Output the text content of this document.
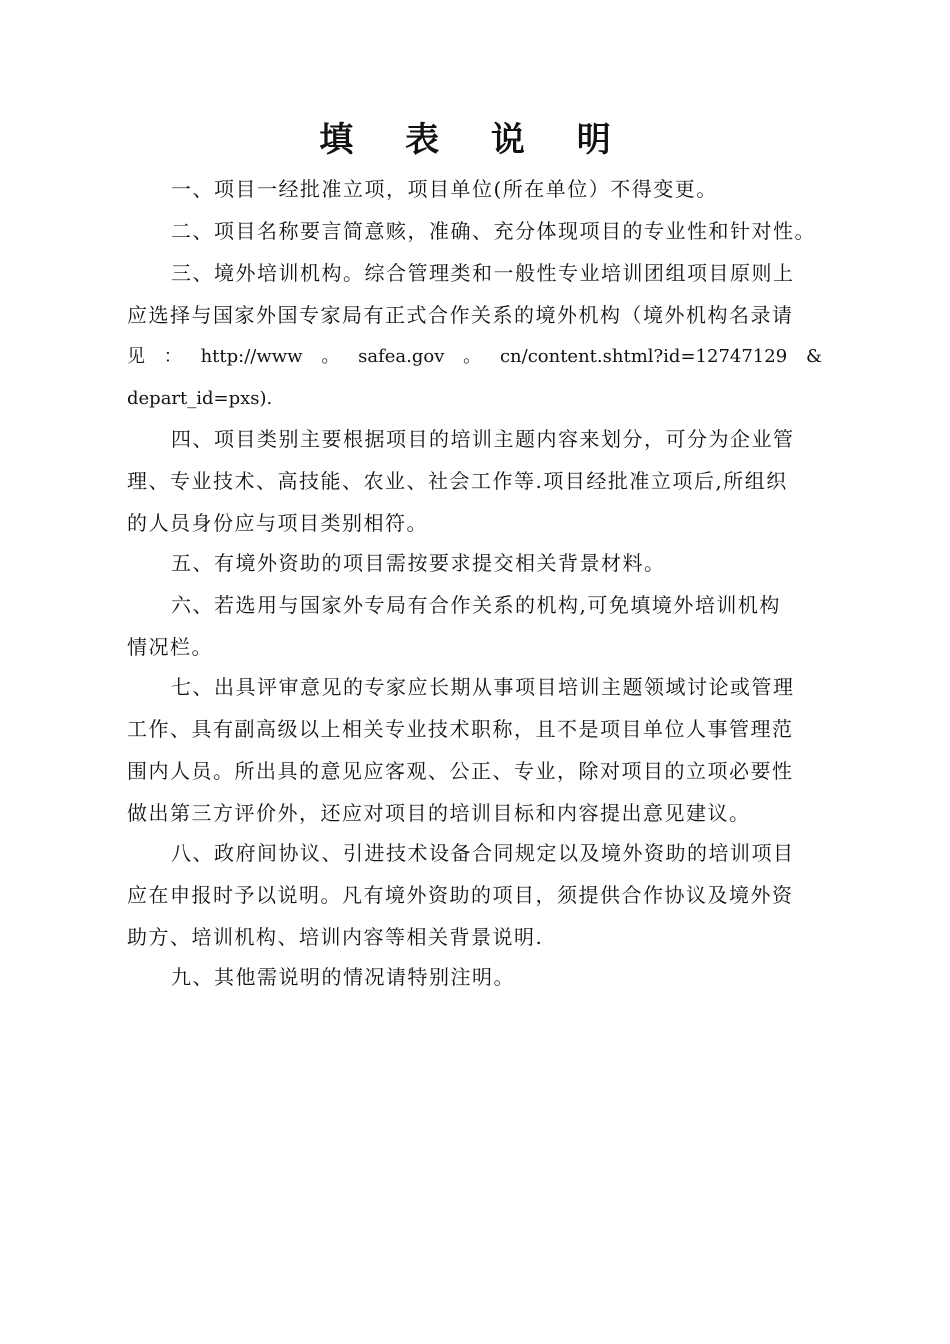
填 表 说 明

一、项目一经批准立项，项目单位(所在单位）不得变更。

二、项目名称要言简意赅，准确、充分体现项目的专业性和针对性。

三、境外培训机构。综合管理类和一般性专业培训团组项目原则上
应选择与国家外国专家局有正式合作关系的境外机构（境外机构名录请
见 ： http://www 。 safea.gov 。 cn/content.shtml?id=12747129 &
depart_id=pxs).

四、项目类别主要根据项目的培训主题内容来划分，可分为企业管
理、专业技术、高技能、农业、社会工作等.项目经批准立项后,所组织
的人员身份应与项目类别相符。

五、有境外资助的项目需按要求提交相关背景材料。

六、若选用与国家外专局有合作关系的机构,可免填境外培训机构
情况栏。

七、出具评审意见的专家应长期从事项目培训主题领域讨论或管理
工作、具有副高级以上相关专业技术职称，且不是项目单位人事管理范
围内人员。所出具的意见应客观、公正、专业，除对项目的立项必要性
做出第三方评价外，还应对项目的培训目标和内容提出意见建议。

八、政府间协议、引进技术设备合同规定以及境外资助的培训项目
应在申报时予以说明。凡有境外资助的项目，须提供合作协议及境外资
助方、培训机构、培训内容等相关背景说明.

九、其他需说明的情况请特别注明。
